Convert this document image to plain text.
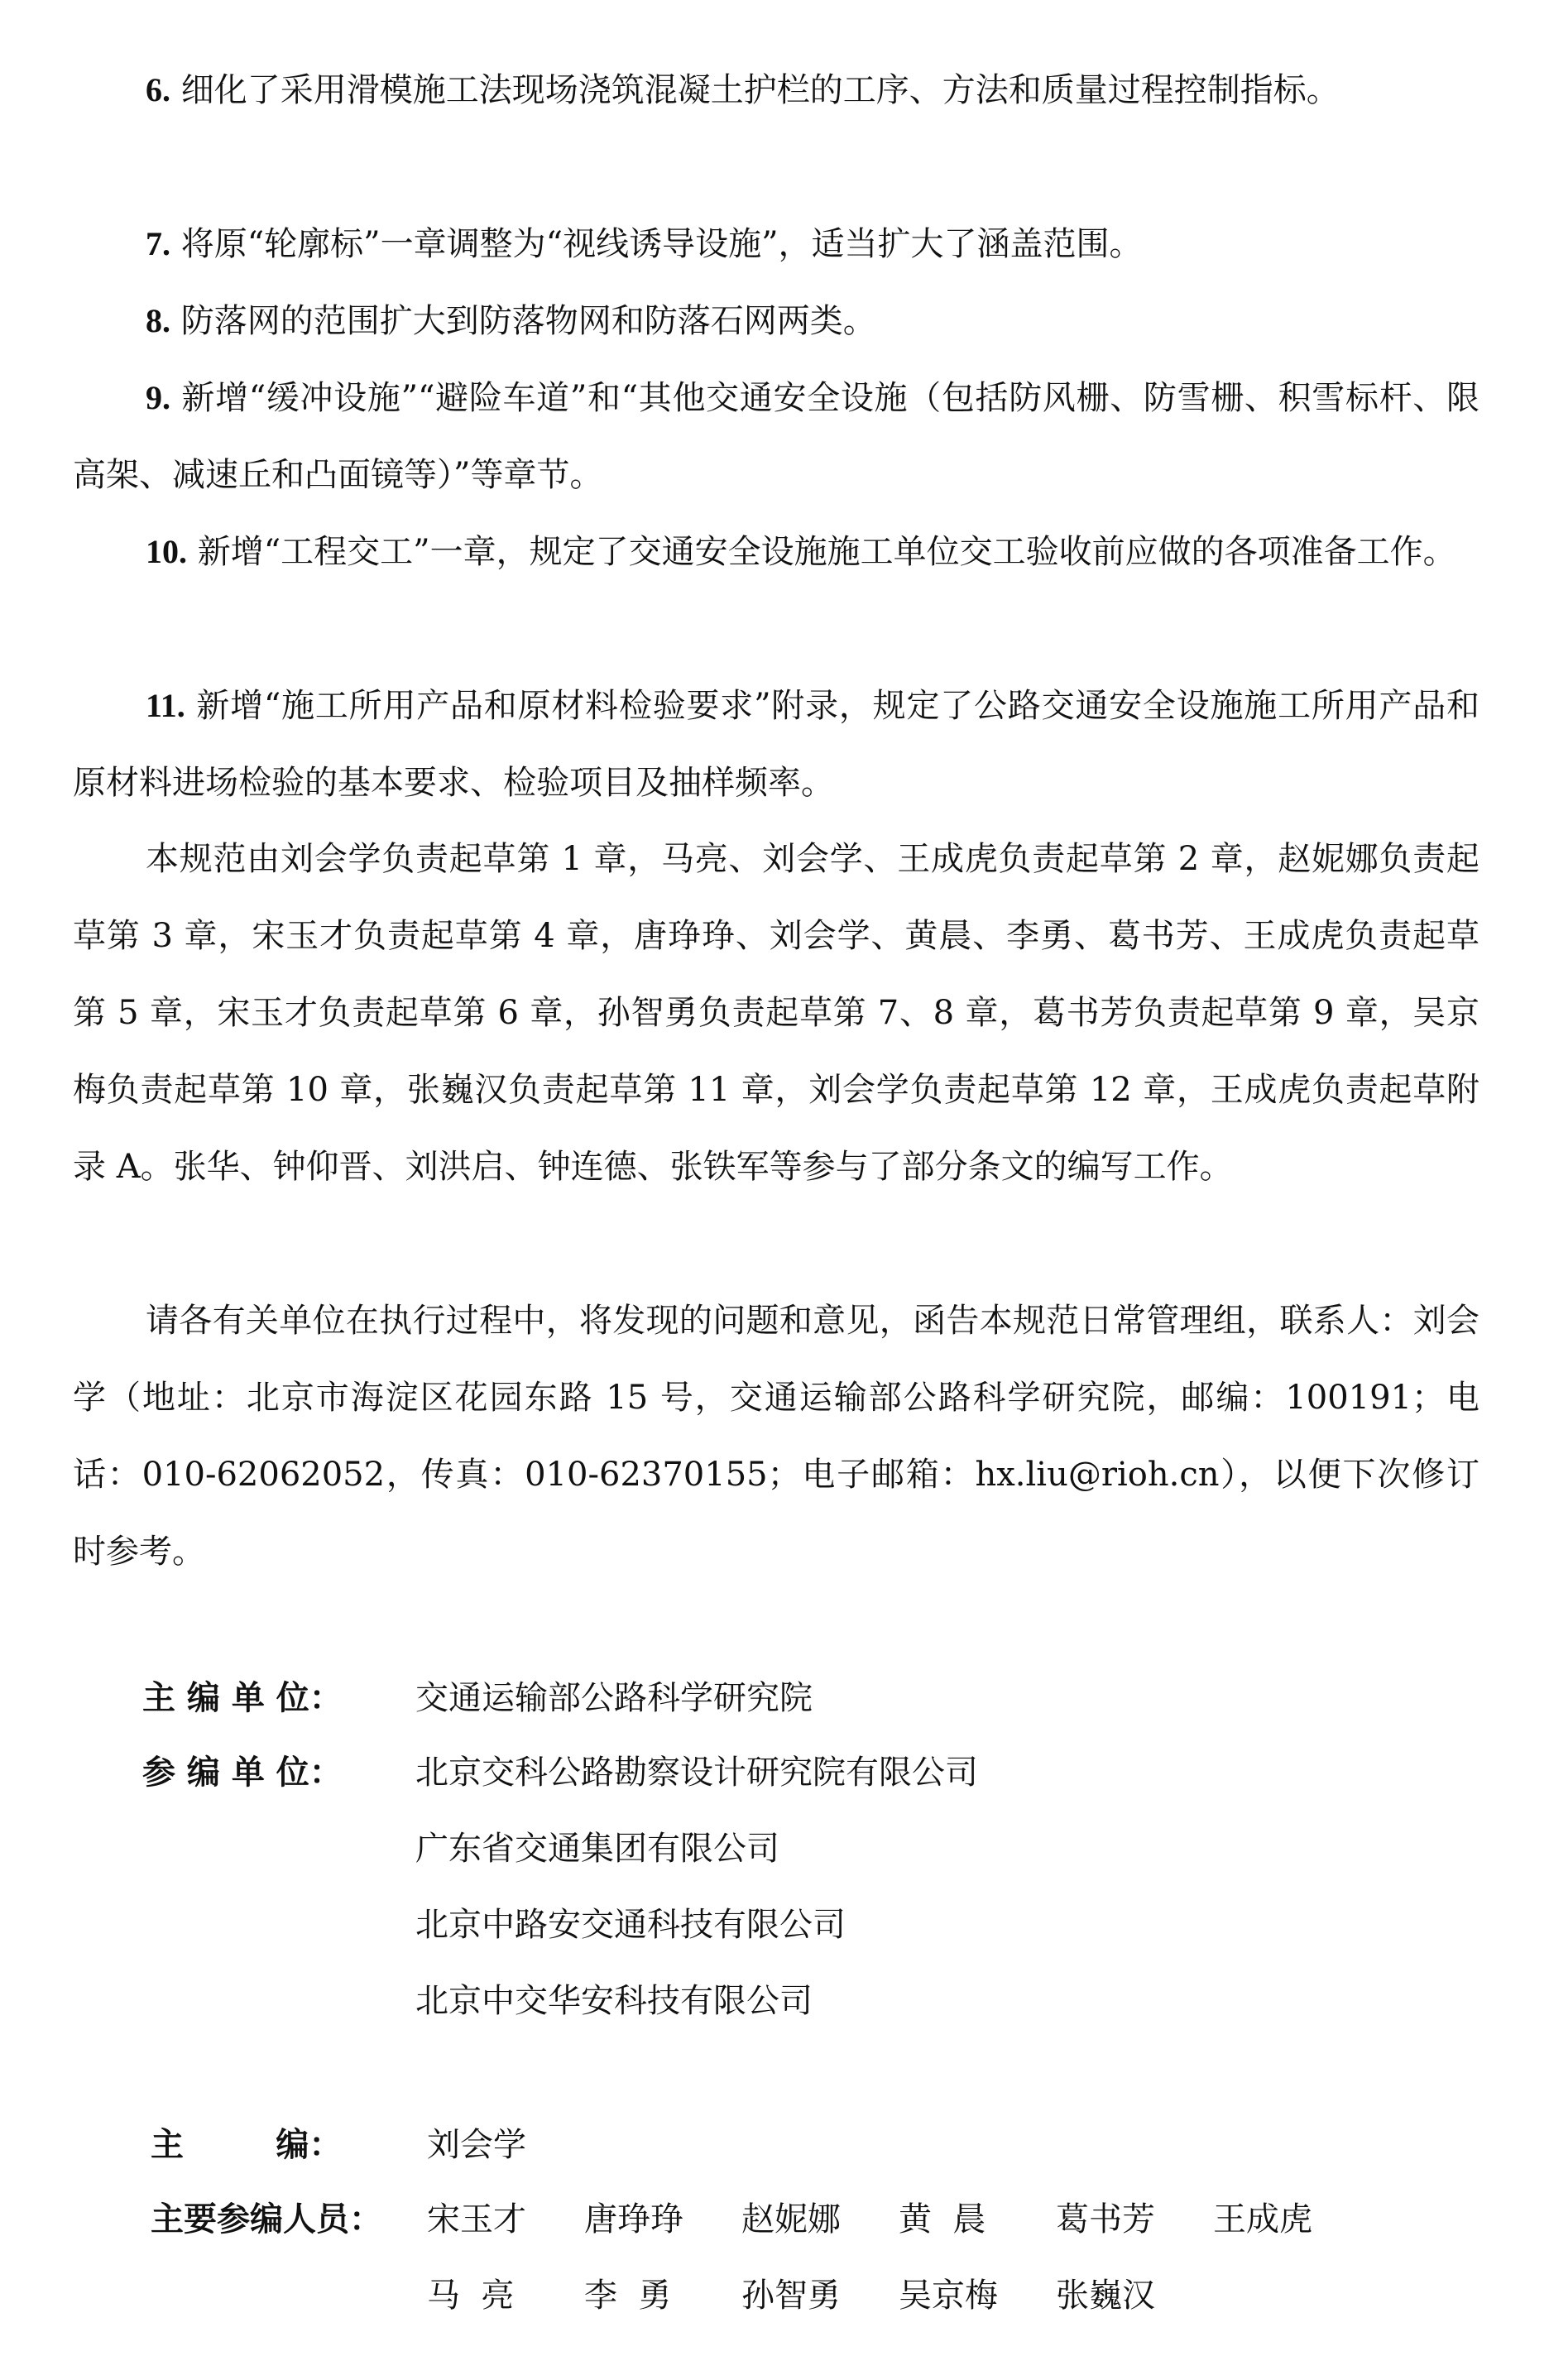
6. 细化了采用滑模施工法现场浇筑混凝土护栏的工序、方法和质量过程控制指标。

7. 将原“轮廓标”一章调整为“视线诱导设施”，适当扩大了涵盖范围。

8. 防落网的范围扩大到防落物网和防落石网两类。

9. 新增“缓冲设施”“避险车道”和“其他交通安全设施（包括防风栅、防雪栅、积雪标杆、限高架、减速丘和凸面镜等）”等章节。

10. 新增“工程交工”一章，规定了交通安全设施施工单位交工验收前应做的各项准备工作。

11. 新增“施工所用产品和原材料检验要求”附录，规定了公路交通安全设施施工所用产品和原材料进场检验的基本要求、检验项目及抽样频率。

本规范由刘会学负责起草第 1 章，马亮、刘会学、王成虎负责起草第 2 章，赵妮娜负责起草第 3 章，宋玉才负责起草第 4 章，唐琤琤、刘会学、黄晨、李勇、葛书芳、王成虎负责起草第 5 章，宋玉才负责起草第 6 章，孙智勇负责起草第 7、8 章，葛书芳负责起草第 9 章，吴京梅负责起草第 10 章，张巍汉负责起草第 11 章，刘会学负责起草第 12 章，王成虎负责起草附录 A。张华、钟仰晋、刘洪启、钟连德、张铁军等参与了部分条文的编写工作。

请各有关单位在执行过程中，将发现的问题和意见，函告本规范日常管理组，联系人：刘会学（地址：北京市海淀区花园东路 15 号，交通运输部公路科学研究院，邮编：100191；电话：010-62062052，传真：010-62370155；电子邮箱：hx.liu@rioh.cn），以便下次修订时参考。

主 编 单 位： 交通运输部公路科学研究院
参 编 单 位： 北京交科公路勘察设计研究院有限公司
广东省交通集团有限公司
北京中路安交通科技有限公司
北京中交华安科技有限公司
主        编：	刘会学
主要参编人员： 宋玉才 唐琤琤 赵妮娜 黄  晨 葛书芳 王成虎
马  亮 李  勇 孙智勇 吴京梅 张巍汉
